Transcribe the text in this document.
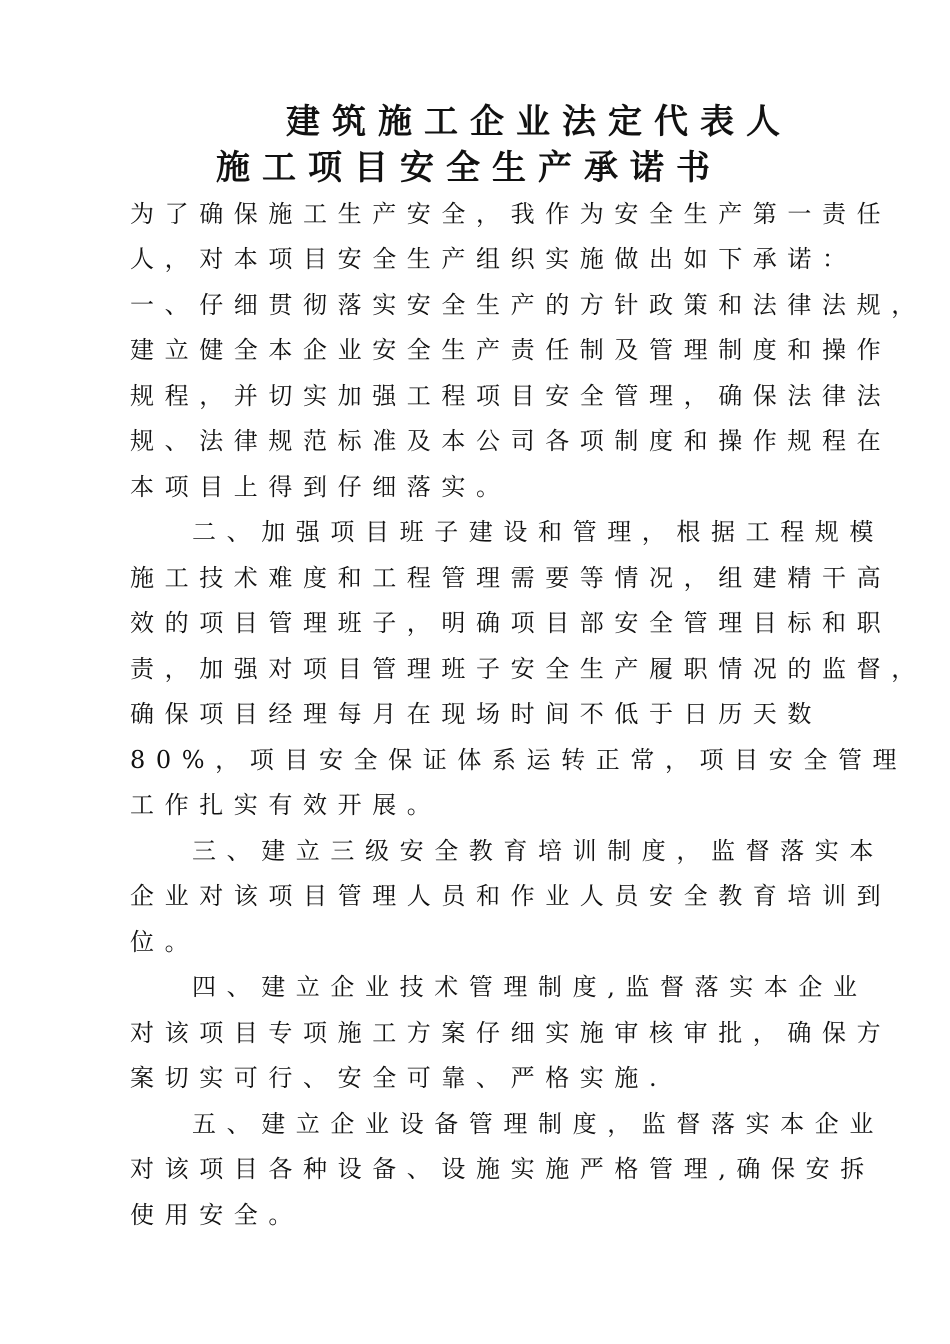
建筑施工企业法定代表人
施工项目安全生产承诺书

为了确保施工生产安全，我作为安全生产第一责任

人，对本项目安全生产组织实施做出如下承诺：

一、仔细贯彻落实安全生产的方针政策和法律法规，

建立健全本企业安全生产责任制及管理制度和操作

规程，并切实加强工程项目安全管理，确保法律法

规、法律规范标准及本公司各项制度和操作规程在

本项目上得到仔细落实。

二、加强项目班子建设和管理，根据工程规模

施工技术难度和工程管理需要等情况，组建精干高

效的项目管理班子，明确项目部安全管理目标和职

责，加强对项目管理班子安全生产履职情况的监督，

确保项目经理每月在现场时间不低于日历天数

80%，项目安全保证体系运转正常，项目安全管理

工作扎实有效开展。

三、建立三级安全教育培训制度，监督落实本

企业对该项目管理人员和作业人员安全教育培训到

位。

四、建立企业技术管理制度,监督落实本企业

对该项目专项施工方案仔细实施审核审批，确保方

案切实可行、安全可靠、严格实施.

五、建立企业设备管理制度，监督落实本企业

对该项目各种设备、设施实施严格管理,确保安拆

使用安全。
